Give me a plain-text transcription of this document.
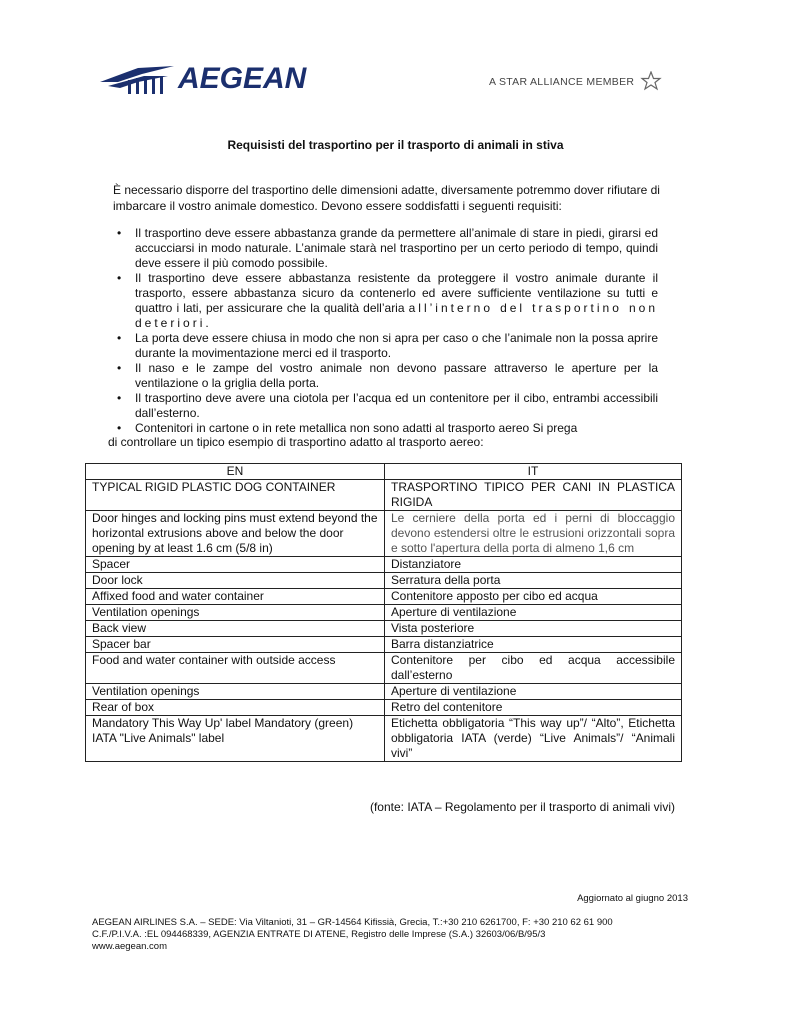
AEGEAN	A STAR ALLIANCE MEMBER
Requisisti del trasportino per il trasporto di animali in stiva
È necessario disporre del trasportino delle dimensioni adatte, diversamente potremmo dover rifiutare di imbarcare il vostro animale domestico. Devono essere soddisfatti i seguenti requisiti:
• Il trasportino deve essere abbastanza grande da permettere all’animale di stare in piedi, girarsi ed accucciarsi in modo naturale. L’animale starà nel trasportino per un certo periodo di tempo, quindi deve essere il più comodo possibile.
• Il trasportino deve essere abbastanza resistente da proteggere il vostro animale durante il trasporto, essere abbastanza sicuro da contenerlo ed avere sufficiente ventilazione su tutti e quattro i lati, per assicurare che la qualità dell’aria all’interno del trasportino non deteriori.
• La porta deve essere chiusa in modo che non si apra per caso o che l’animale non la possa aprire durante la movimentazione merci ed il trasporto.
• Il naso e le zampe del vostro animale non devono passare attraverso le aperture per la ventilazione o la griglia della porta.
• Il trasportino deve avere una ciotola per l’acqua ed un contenitore per il cibo, entrambi accessibili dall’esterno.
• Contenitori in cartone o in rete metallica non sono adatti al trasporto aereo Si prega
di controllare un tipico esempio di trasportino adatto al trasporto aereo:
EN	IT
TYPICAL RIGID PLASTIC DOG CONTAINER	TRASPORTINO TIPICO PER CANI IN PLASTICA RIGIDA
Door hinges and locking pins must extend beyond the horizontal extrusions above and below the door opening by at least 1.6 cm (5/8 in)	Le cerniere della porta ed i perni di bloccaggio devono estendersi oltre le estrusioni orizzontali sopra e sotto l'apertura della porta di almeno 1,6 cm
Spacer	Distanziatore
Door lock	Serratura della porta
Affixed food and water container	Contenitore apposto per cibo ed acqua
Ventilation openings	Aperture di ventilazione
Back view	Vista posteriore
Spacer bar	Barra distanziatrice
Food and water container with outside access	Contenitore per cibo ed acqua accessibile dall’esterno
Ventilation openings	Aperture di ventilazione
Rear of box	Retro del contenitore
Mandatory This Way Up' label Mandatory (green) IATA "Live Animals" label	Etichetta obbligatoria “This way up”/ “Alto”, Etichetta obbligatoria IATA (verde) “Live Animals”/ “Animali vivi”
(fonte: IATA – Regolamento per il trasporto di animali vivi)
Aggiornato al giugno 2013
AEGEAN AIRLINES S.A. – SEDE: Via Viltanioti, 31 – GR-14564 Kifissià, Grecia, T.:+30 210 6261700, F: +30 210 62 61 900
C.F./P.I.V.A. :EL 094468339, AGENZIA ENTRATE DI ATENE, Registro delle Imprese (S.A.) 32603/06/B/95/3
www.aegean.com
